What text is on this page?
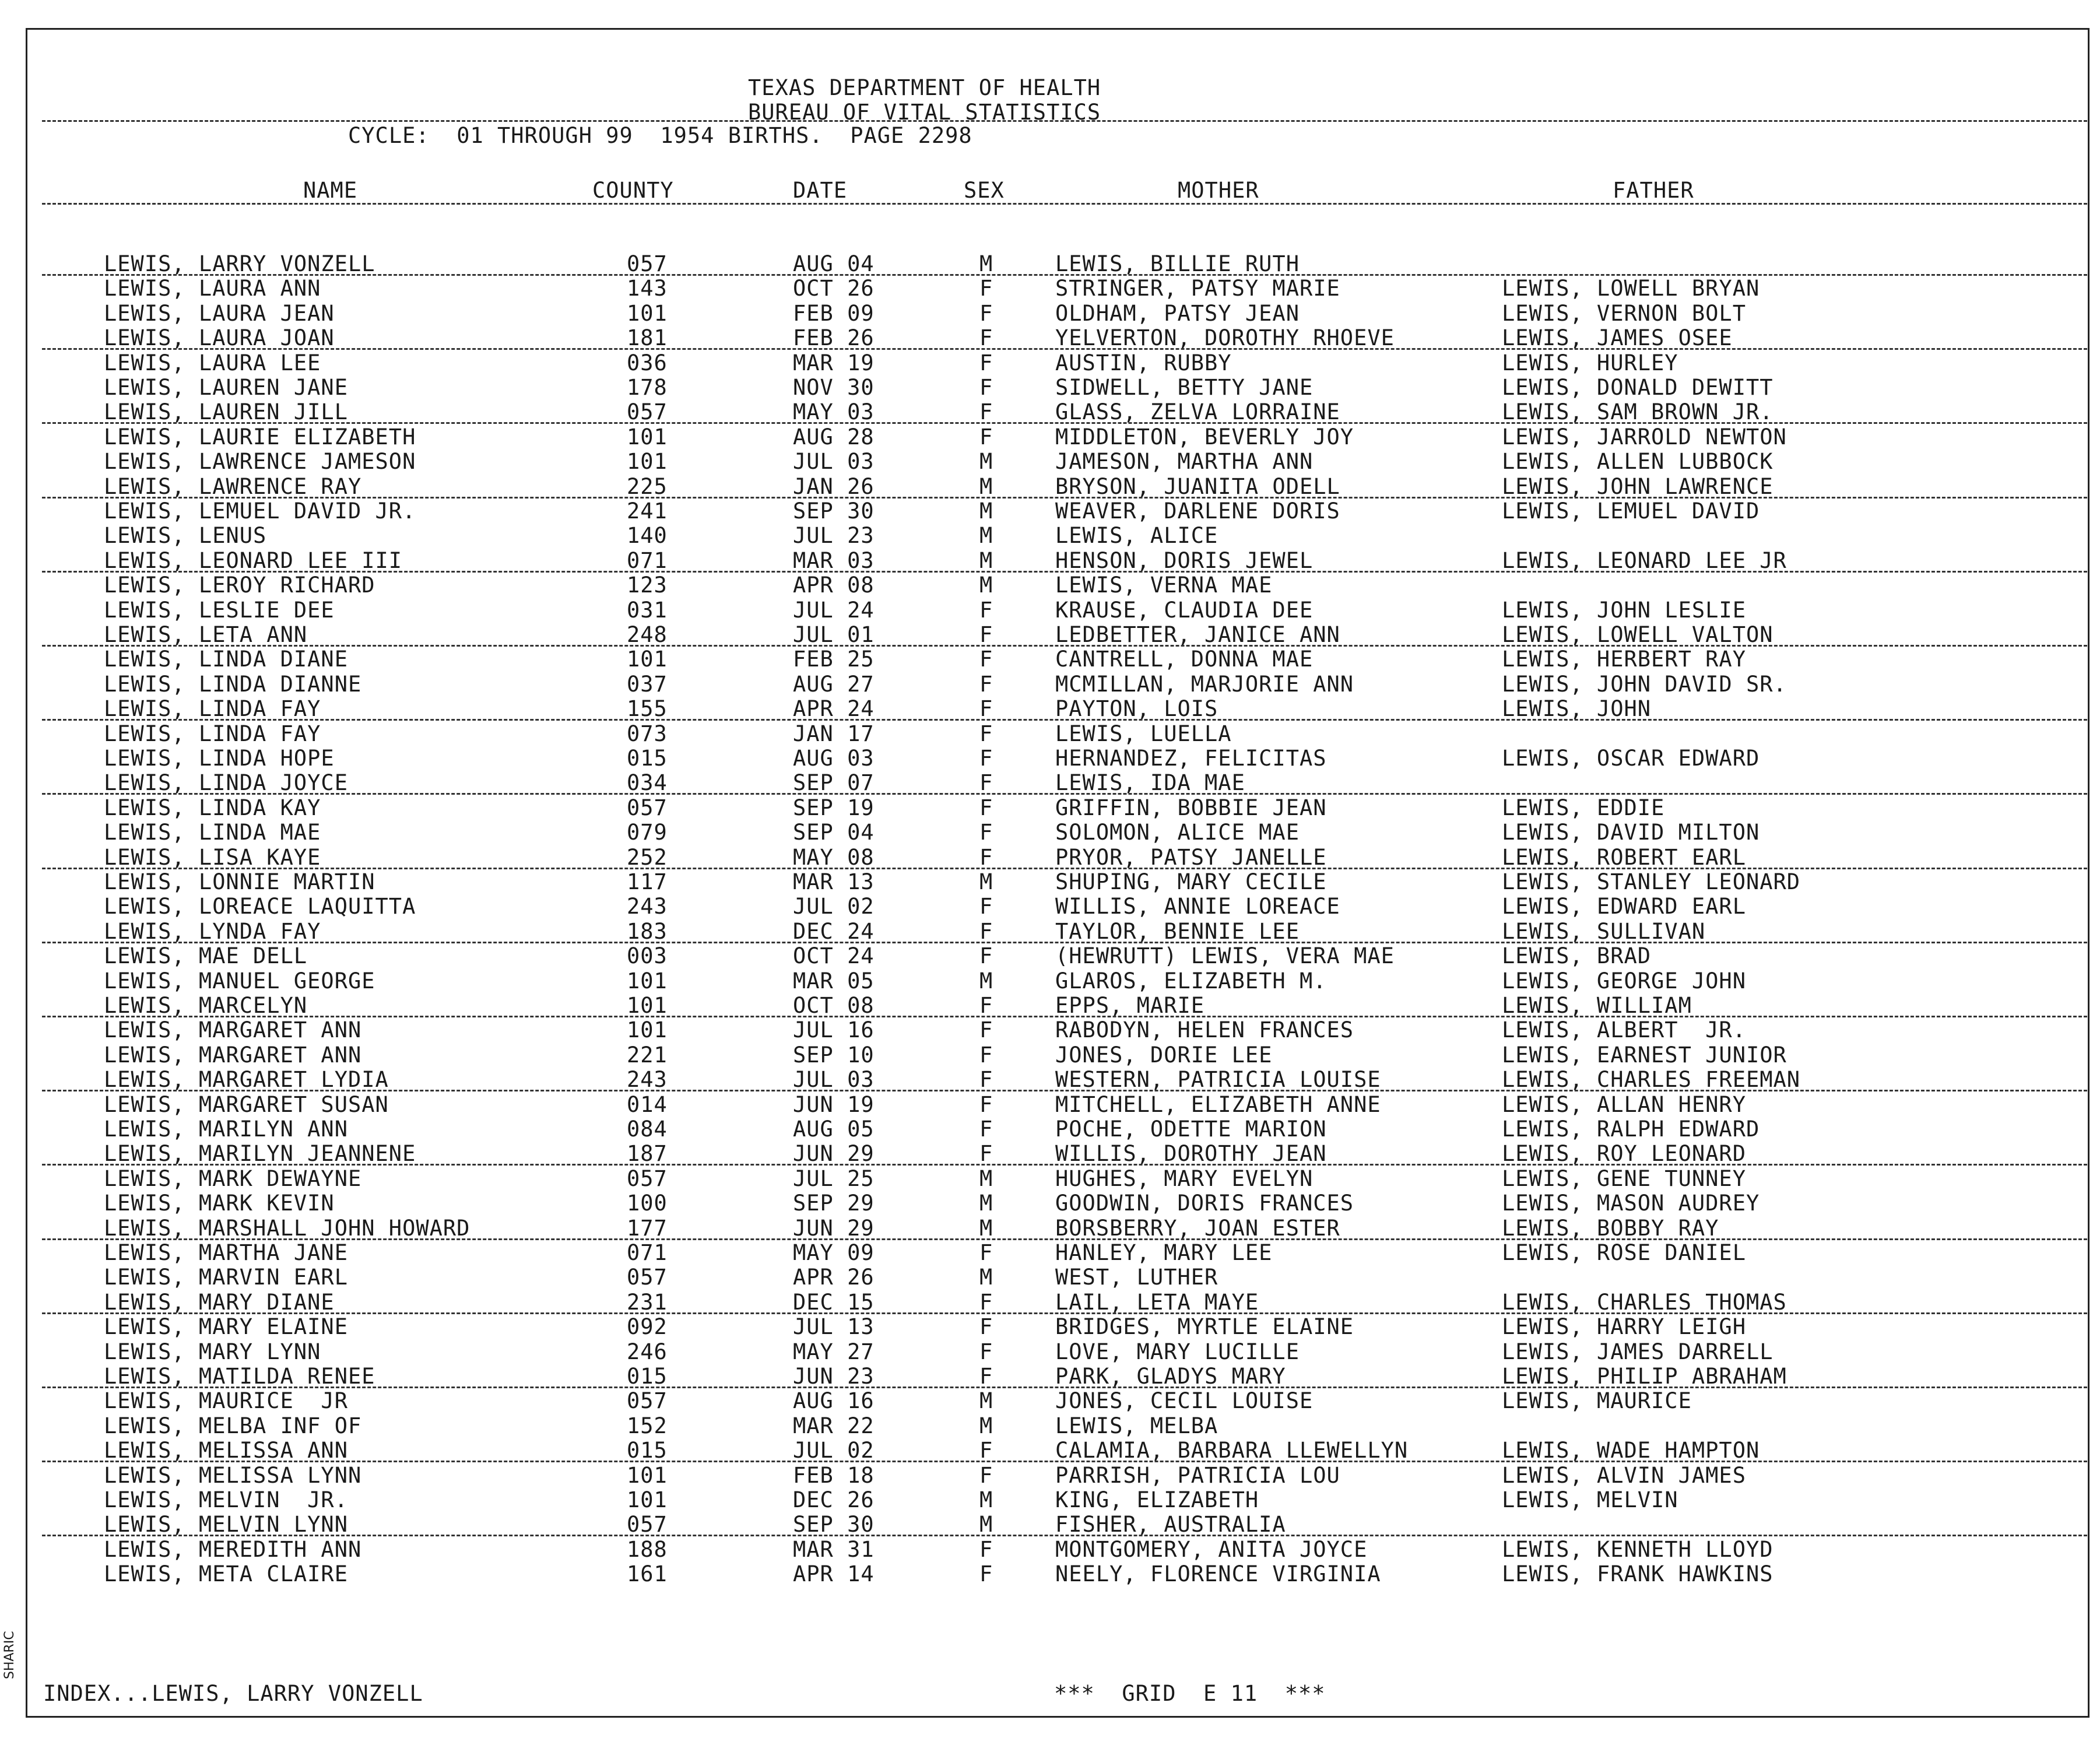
TEXAS DEPARTMENT OF HEALTH
BUREAU OF VITAL STATISTICS
CYCLE:  01 THROUGH 99  1954 BIRTHS.  PAGE 2298
NAME	COUNTY	DATE	SEX	MOTHER	FATHER
LEWIS, LARRY VONZELL	057	AUG 04	M	LEWIS, BILLIE RUTH
LEWIS, LAURA ANN	143	OCT 26	F	STRINGER, PATSY MARIE	LEWIS, LOWELL BRYAN
LEWIS, LAURA JEAN	101	FEB 09	F	OLDHAM, PATSY JEAN	LEWIS, VERNON BOLT
LEWIS, LAURA JOAN	181	FEB 26	F	YELVERTON, DOROTHY RHOEVE	LEWIS, JAMES OSEE
LEWIS, LAURA LEE	036	MAR 19	F	AUSTIN, RUBBY	LEWIS, HURLEY
LEWIS, LAUREN JANE	178	NOV 30	F	SIDWELL, BETTY JANE	LEWIS, DONALD DEWITT
LEWIS, LAUREN JILL	057	MAY 03	F	GLASS, ZELVA LORRAINE	LEWIS, SAM BROWN JR.
LEWIS, LAURIE ELIZABETH	101	AUG 28	F	MIDDLETON, BEVERLY JOY	LEWIS, JARROLD NEWTON
LEWIS, LAWRENCE JAMESON	101	JUL 03	M	JAMESON, MARTHA ANN	LEWIS, ALLEN LUBBOCK
LEWIS, LAWRENCE RAY	225	JAN 26	M	BRYSON, JUANITA ODELL	LEWIS, JOHN LAWRENCE
LEWIS, LEMUEL DAVID JR.	241	SEP 30	M	WEAVER, DARLENE DORIS	LEWIS, LEMUEL DAVID
LEWIS, LENUS	140	JUL 23	M	LEWIS, ALICE
LEWIS, LEONARD LEE III	071	MAR 03	M	HENSON, DORIS JEWEL	LEWIS, LEONARD LEE JR
LEWIS, LEROY RICHARD	123	APR 08	M	LEWIS, VERNA MAE
LEWIS, LESLIE DEE	031	JUL 24	F	KRAUSE, CLAUDIA DEE	LEWIS, JOHN LESLIE
LEWIS, LETA ANN	248	JUL 01	F	LEDBETTER, JANICE ANN	LEWIS, LOWELL VALTON
LEWIS, LINDA DIANE	101	FEB 25	F	CANTRELL, DONNA MAE	LEWIS, HERBERT RAY
LEWIS, LINDA DIANNE	037	AUG 27	F	MCMILLAN, MARJORIE ANN	LEWIS, JOHN DAVID SR.
LEWIS, LINDA FAY	155	APR 24	F	PAYTON, LOIS	LEWIS, JOHN
LEWIS, LINDA FAY	073	JAN 17	F	LEWIS, LUELLA
LEWIS, LINDA HOPE	015	AUG 03	F	HERNANDEZ, FELICITAS	LEWIS, OSCAR EDWARD
LEWIS, LINDA JOYCE	034	SEP 07	F	LEWIS, IDA MAE
LEWIS, LINDA KAY	057	SEP 19	F	GRIFFIN, BOBBIE JEAN	LEWIS, EDDIE
LEWIS, LINDA MAE	079	SEP 04	F	SOLOMON, ALICE MAE	LEWIS, DAVID MILTON
LEWIS, LISA KAYE	252	MAY 08	F	PRYOR, PATSY JANELLE	LEWIS, ROBERT EARL
LEWIS, LONNIE MARTIN	117	MAR 13	M	SHUPING, MARY CECILE	LEWIS, STANLEY LEONARD
LEWIS, LOREACE LAQUITTA	243	JUL 02	F	WILLIS, ANNIE LOREACE	LEWIS, EDWARD EARL
LEWIS, LYNDA FAY	183	DEC 24	F	TAYLOR, BENNIE LEE	LEWIS, SULLIVAN
LEWIS, MAE DELL	003	OCT 24	F	(HEWRUTT) LEWIS, VERA MAE	LEWIS, BRAD
LEWIS, MANUEL GEORGE	101	MAR 05	M	GLAROS, ELIZABETH M.	LEWIS, GEORGE JOHN
LEWIS, MARCELYN	101	OCT 08	F	EPPS, MARIE	LEWIS, WILLIAM
LEWIS, MARGARET ANN	101	JUL 16	F	RABODYN, HELEN FRANCES	LEWIS, ALBERT  JR.
LEWIS, MARGARET ANN	221	SEP 10	F	JONES, DORIE LEE	LEWIS, EARNEST JUNIOR
LEWIS, MARGARET LYDIA	243	JUL 03	F	WESTERN, PATRICIA LOUISE	LEWIS, CHARLES FREEMAN
LEWIS, MARGARET SUSAN	014	JUN 19	F	MITCHELL, ELIZABETH ANNE	LEWIS, ALLAN HENRY
LEWIS, MARILYN ANN	084	AUG 05	F	POCHE, ODETTE MARION	LEWIS, RALPH EDWARD
LEWIS, MARILYN JEANNENE	187	JUN 29	F	WILLIS, DOROTHY JEAN	LEWIS, ROY LEONARD
LEWIS, MARK DEWAYNE	057	JUL 25	M	HUGHES, MARY EVELYN	LEWIS, GENE TUNNEY
LEWIS, MARK KEVIN	100	SEP 29	M	GOODWIN, DORIS FRANCES	LEWIS, MASON AUDREY
LEWIS, MARSHALL JOHN HOWARD	177	JUN 29	M	BORSBERRY, JOAN ESTER	LEWIS, BOBBY RAY
LEWIS, MARTHA JANE	071	MAY 09	F	HANLEY, MARY LEE	LEWIS, ROSE DANIEL
LEWIS, MARVIN EARL	057	APR 26	M	WEST, LUTHER
LEWIS, MARY DIANE	231	DEC 15	F	LAIL, LETA MAYE	LEWIS, CHARLES THOMAS
LEWIS, MARY ELAINE	092	JUL 13	F	BRIDGES, MYRTLE ELAINE	LEWIS, HARRY LEIGH
LEWIS, MARY LYNN	246	MAY 27	F	LOVE, MARY LUCILLE	LEWIS, JAMES DARRELL
LEWIS, MATILDA RENEE	015	JUN 23	F	PARK, GLADYS MARY	LEWIS, PHILIP ABRAHAM
LEWIS, MAURICE  JR	057	AUG 16	M	JONES, CECIL LOUISE	LEWIS, MAURICE
LEWIS, MELBA INF OF	152	MAR 22	M	LEWIS, MELBA
LEWIS, MELISSA ANN	015	JUL 02	F	CALAMIA, BARBARA LLEWELLYN	LEWIS, WADE HAMPTON
LEWIS, MELISSA LYNN	101	FEB 18	F	PARRISH, PATRICIA LOU	LEWIS, ALVIN JAMES
LEWIS, MELVIN  JR.	101	DEC 26	M	KING, ELIZABETH	LEWIS, MELVIN
LEWIS, MELVIN LYNN	057	SEP 30	M	FISHER, AUSTRALIA
LEWIS, MEREDITH ANN	188	MAR 31	F	MONTGOMERY, ANITA JOYCE	LEWIS, KENNETH LLOYD
LEWIS, META CLAIRE	161	APR 14	F	NEELY, FLORENCE VIRGINIA	LEWIS, FRANK HAWKINS
INDEX...LEWIS, LARRY VONZELL	***  GRID  E 11  ***
SHARIC
